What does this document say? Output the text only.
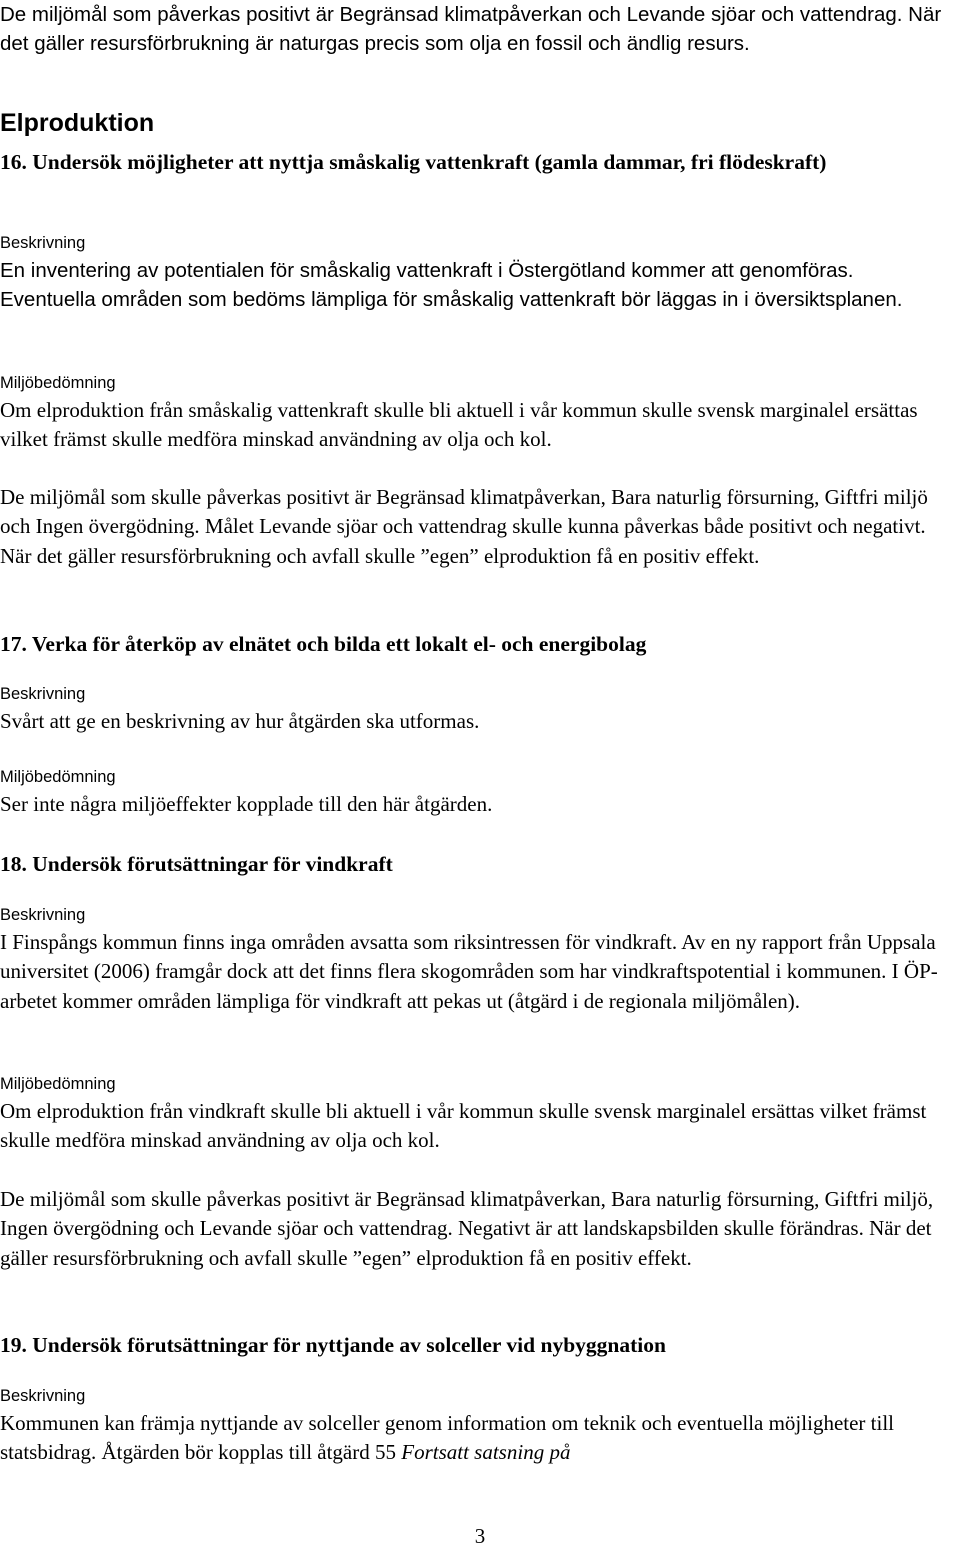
De miljömål som påverkas positivt är Begränsad klimatpåverkan och Levande sjöar och vattendrag. När det gäller resursförbrukning är naturgas precis som olja en fossil och ändlig resurs.

Elproduktion
16. Undersök möjligheter att nyttja småskalig vattenkraft (gamla dammar, fri flödeskraft)
Beskrivning

En inventering av potentialen för småskalig vattenkraft i Östergötland kommer att genomföras.

Eventuella områden som bedöms lämpliga för småskalig vattenkraft bör läggas in i översiktsplanen.

Miljöbedömning

Om elproduktion från småskalig vattenkraft skulle bli aktuell i vår kommun skulle svensk marginalel ersättas vilket främst skulle medföra minskad användning av olja och kol.

De miljömål som skulle påverkas positivt är Begränsad klimatpåverkan, Bara naturlig försurning, Giftfri miljö och Ingen övergödning. Målet Levande sjöar och vattendrag skulle kunna påverkas både positivt och negativt. När det gäller resursförbrukning och avfall skulle ”egen” elproduktion få en positiv effekt.

17. Verka för återköp av elnätet och bilda ett lokalt el- och energibolag
Beskrivning

Svårt att ge en beskrivning av hur åtgärden ska utformas.

Miljöbedömning

Ser inte några miljöeffekter kopplade till den här åtgärden.

18. Undersök förutsättningar för vindkraft
Beskrivning

I Finspångs kommun finns inga områden avsatta som riksintressen för vindkraft. Av en ny rapport från Uppsala universitet (2006) framgår dock att det finns flera skogområden som har vindkraftspotential i kommunen. I ÖP-arbetet kommer områden lämpliga för vindkraft att pekas ut (åtgärd i de regionala miljömålen).

Miljöbedömning

Om elproduktion från vindkraft skulle bli aktuell i vår kommun skulle svensk marginalel ersättas vilket främst skulle medföra minskad användning av olja och kol.

De miljömål som skulle påverkas positivt är Begränsad klimatpåverkan, Bara naturlig försurning, Giftfri miljö, Ingen övergödning och Levande sjöar och vattendrag. Negativt är att landskapsbilden skulle förändras. När det gäller resursförbrukning och avfall skulle ”egen” elproduktion få en positiv effekt.

19. Undersök förutsättningar för nyttjande av solceller vid nybyggnation
Beskrivning

Kommunen kan främja nyttjande av solceller genom information om teknik och eventuella möjligheter till statsbidrag. Åtgärden bör kopplas till åtgärd 55 Fortsatt satsning på

3
